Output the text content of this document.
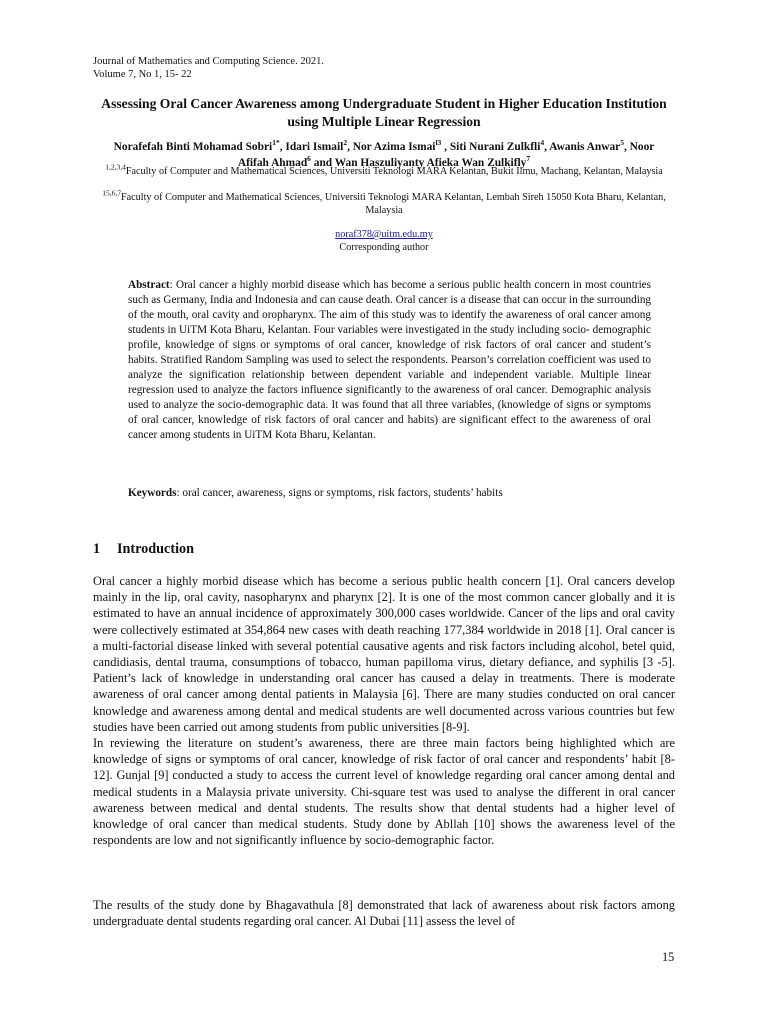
Journal of Mathematics and Computing Science. 2021.
Volume 7, No 1, 15- 22
Assessing Oral Cancer Awareness among Undergraduate Student in Higher Education Institution using Multiple Linear Regression
Norafefah Binti Mohamad Sobri$^{1*}$, Idari Ismail$^2$, Nor Azima Ismai$^{l3}$ , Siti Nurani Zulkfli$^4$, Awanis Anwar$^5$, Noor Afifah Ahmad$^6$ and Wan Haszuliyanty Afieka Wan Zulkifly$^7$
$^{1,2,3,4}$Faculty of Computer and Mathematical Sciences, Universiti Teknologi MARA Kelantan, Bukit Ilmu, Machang, Kelantan, Malaysia
$^{15,6,7}$Faculty of Computer and Mathematical Sciences, Universiti Teknologi MARA Kelantan, Lembah Sireh 15050 Kota Bharu, Kelantan, Malaysia
noraf378@uitm.edu.my
Corresponding author
Abstract: Oral cancer a highly morbid disease which has become a serious public health concern in most countries such as Germany, India and Indonesia and can cause death. Oral cancer is a disease that can occur in the surrounding of the mouth, oral cavity and oropharynx. The aim of this study was to identify the awareness of oral cancer among students in UiTM Kota Bharu, Kelantan. Four variables were investigated in the study including socio- demographic profile, knowledge of signs or symptoms of oral cancer, knowledge of risk factors of oral cancer and student’s habits. Stratified Random Sampling was used to select the respondents. Pearson’s correlation coefficient was used to analyze the signification relationship between dependent variable and independent variable. Multiple linear regression used to analyze the factors influence significantly to the awareness of oral cancer. Demographic analysis used to analyze the socio-demographic data. It was found that all three variables, (knowledge of signs or symptoms of oral cancer, knowledge of risk factors of oral cancer and habits) are significant effect to the awareness of oral cancer among students in UiTM Kota Bharu, Kelantan.
Keywords: oral cancer, awareness, signs or symptoms, risk factors, students’ habits
1 Introduction

Oral cancer a highly morbid disease which has become a serious public health concern [1]. Oral cancers develop mainly in the lip, oral cavity, nasopharynx and pharynx [2]. It is one of the most common cancer globally and it is estimated to have an annual incidence of approximately 300,000 cases worldwide. Cancer of the lips and oral cavity were collectively estimated at 354,864 new cases with death reaching 177,384 worldwide in 2018 [1]. Oral cancer is a multi-factorial disease linked with several potential causative agents and risk factors including alcohol, betel quid, candidiasis, dental trauma, consumptions of tobacco, human papilloma virus, dietary defiance, and syphilis [3 -5]. Patient’s lack of knowledge in understanding oral cancer has caused a delay in treatments. There is moderate awareness of oral cancer among dental patients in Malaysia [6]. There are many studies conducted on oral cancer knowledge and awareness among dental and medical students are well documented across various countries but few studies have been carried out among students from public universities [8-9].

In reviewing the literature on student’s awareness, there are three main factors being highlighted which are knowledge of signs or symptoms of oral cancer, knowledge of risk factor of oral cancer and respondents’ habit [8-12]. Gunjal [9] conducted a study to access the current level of knowledge regarding oral cancer among dental and medical students in a Malaysia private university. Chi-square test was used to analyse the different in oral cancer awareness between medical and dental students. The results show that dental students had a higher level of knowledge of oral cancer than medical students. Study done by Abllah [10] shows the awareness level of the respondents are low and not significantly influence by socio-demographic factor.

The results of the study done by Bhagavathula [8] demonstrated that lack of awareness about risk factors among undergraduate dental students regarding oral cancer. Al Dubai [11] assess the level of

15
